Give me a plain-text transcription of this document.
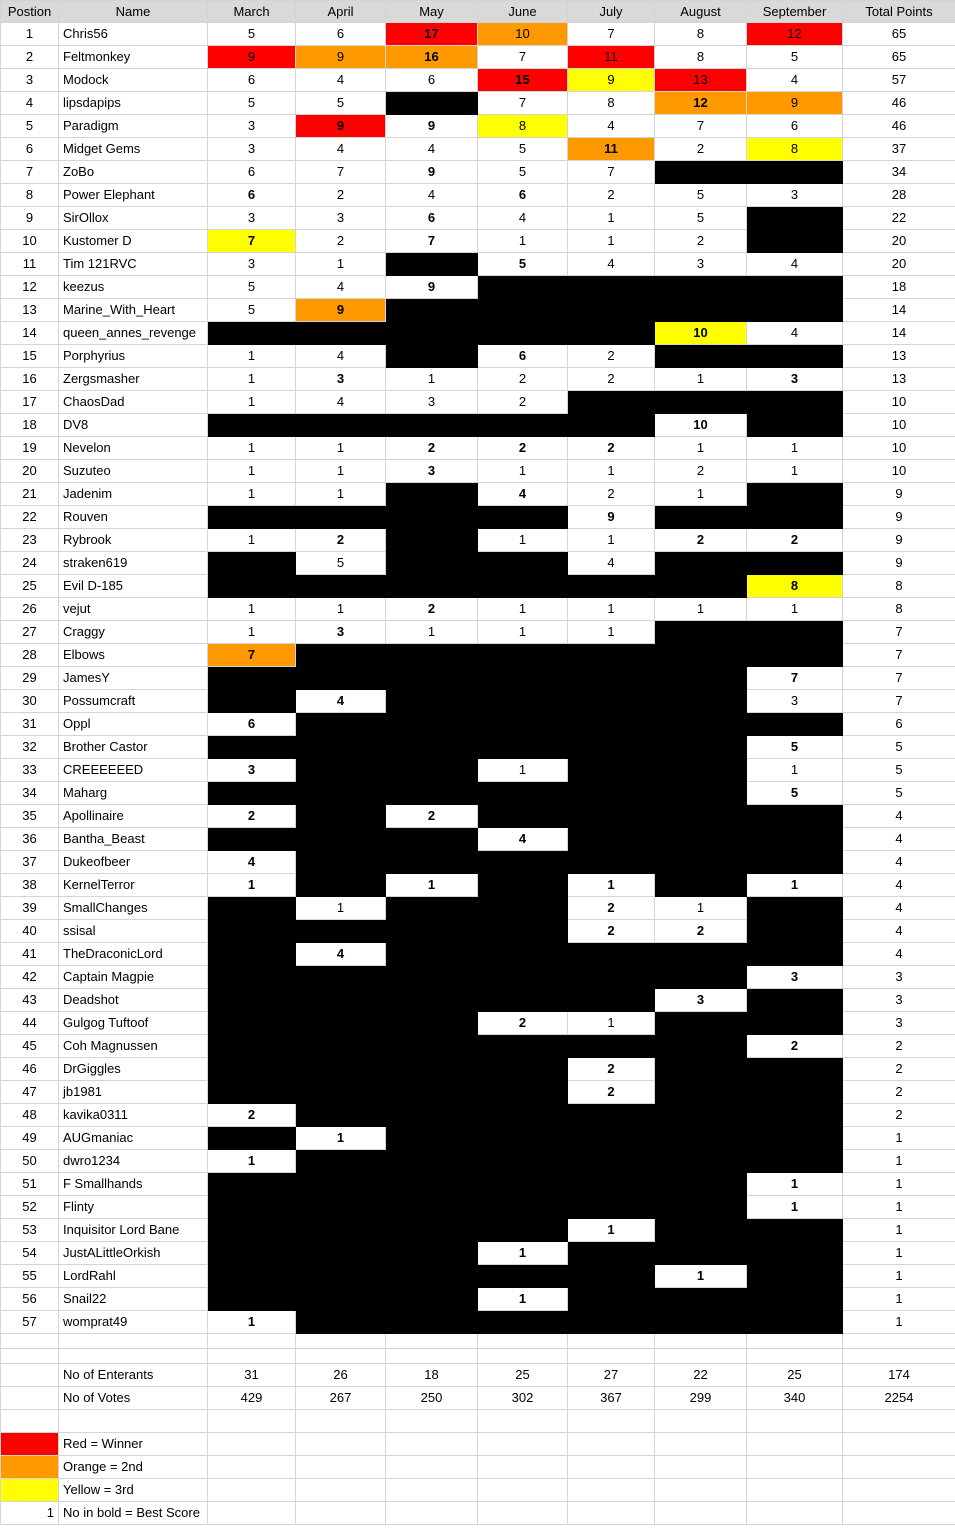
Postion	Name	March	April	May	June	July	August	September	Total Points
1	Chris56	5	6	17	10	7	8	12	65
2	Feltmonkey	9	9	16	7	11	8	5	65
3	Modock	6	4	6	15	9	13	4	57
4	lipsdapips	5	5		7	8	12	9	46
5	Paradigm	3	9	9	8	4	7	6	46
6	Midget Gems	3	4	4	5	11	2	8	37
7	ZoBo	6	7	9	5	7			34
8	Power Elephant	6	2	4	6	2	5	3	28
9	SirOllox	3	3	6	4	1	5		22
10	Kustomer D	7	2	7	1	1	2		20
11	Tim 121RVC	3	1		5	4	3	4	20
12	keezus	5	4	9					18
13	Marine_With_Heart	5	9						14
14	queen_annes_revenge						10	4	14
15	Porphyrius	1	4		6	2			13
16	Zergsmasher	1	3	1	2	2	1	3	13
17	ChaosDad	1	4	3	2				10
18	DV8						10		10
19	Nevelon	1	1	2	2	2	1	1	10
20	Suzuteo	1	1	3	1	1	2	1	10
21	Jadenim	1	1		4	2	1		9
22	Rouven					9			9
23	Rybrook	1	2		1	1	2	2	9
24	straken619		5			4			9
25	Evil D-185							8	8
26	vejut	1	1	2	1	1	1	1	8
27	Craggy	1	3	1	1	1			7
28	Elbows	7							7
29	JamesY							7	7
30	Possumcraft		4					3	7
31	Oppl	6							6
32	Brother Castor							5	5
33	CREEEEEED	3			1			1	5
34	Maharg							5	5
35	Apollinaire	2		2					4
36	Bantha_Beast				4				4
37	Dukeofbeer	4							4
38	KernelTerror	1		1		1		1	4
39	SmallChanges		1			2	1		4
40	ssisal					2	2		4
41	TheDraconicLord		4						4
42	Captain Magpie							3	3
43	Deadshot						3		3
44	Gulgog Tuftoof				2	1			3
45	Coh Magnussen							2	2
46	DrGiggles					2			2
47	jb1981					2			2
48	kavika0311	2							2
49	AUGmaniac		1						1
50	dwro1234	1							1
51	F Smallhands							1	1
52	Flinty							1	1
53	Inquisitor Lord Bane					1			1
54	JustALittleOrkish				1				1
55	LordRahl						1		1
56	Snail22				1				1
57	womprat49	1							1

	No of Enterants	31	26	18	25	27	22	25	174
	No of Votes	429	267	250	302	367	299	340	2254

	Red = Winner								
	Orange = 2nd								
	Yellow = 3rd								
1	No in bold = Best Score								
